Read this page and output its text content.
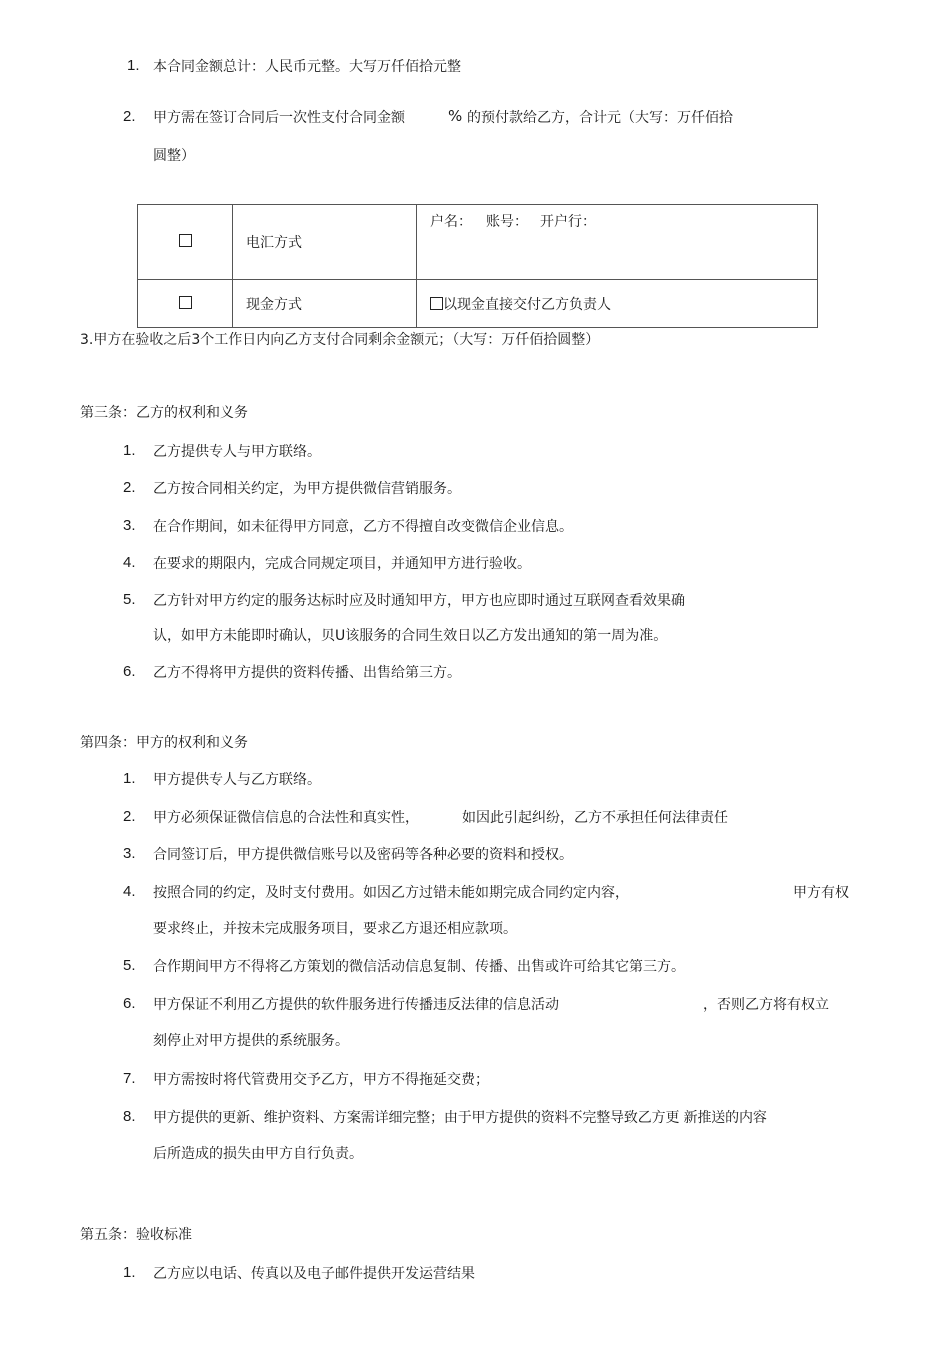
1. 本合同金额总计：人民币元整。大写万仟佰拾元整
2. 甲方需在签订合同后一次性支付合同金额	% 的预付款给乙方，合计元（大写：万仟佰拾
圆整）
	电汇方式	户名： 账号： 开户行：
	现金方式	以现金直接交付乙方负责人
3.甲方在验收之后3个工作日内向乙方支付合同剩余金额元；（大写：万仟佰拾圆整）
第三条：乙方的权利和义务
1. 乙方提供专人与甲方联络。
2. 乙方按合同相关约定，为甲方提供微信营销服务。
3. 在合作期间，如未征得甲方同意，乙方不得擅自改变微信企业信息。
4. 在要求的期限内，完成合同规定项目，并通知甲方进行验收。
5. 乙方针对甲方约定的服务达标时应及时通知甲方，甲方也应即时通过互联网查看效果确
认，如甲方未能即时确认，贝U该服务的合同生效日以乙方发出通知的第一周为准。
6. 乙方不得将甲方提供的资料传播、出售给第三方。
第四条：甲方的权利和义务
1. 甲方提供专人与乙方联络。
2. 甲方必须保证微信信息的合法性和真实性，	如因此引起纠纷，乙方不承担任何法律责任
3. 合同签订后，甲方提供微信账号以及密码等各种必要的资料和授权。
4. 按照合同的约定，及时支付费用。如因乙方过错未能如期完成合同约定内容，	甲方有权
要求终止，并按未完成服务项目，要求乙方退还相应款项。
5. 合作期间甲方不得将乙方策划的微信活动信息复制、传播、出售或许可给其它第三方。
6. 甲方保证不利用乙方提供的软件服务进行传播违反法律的信息活动	，否则乙方将有权立
刻停止对甲方提供的系统服务。
7. 甲方需按时将代管费用交予乙方，甲方不得拖延交费；
8. 甲方提供的更新、维护资料、方案需详细完整；由于甲方提供的资料不完整导致乙方更 新推送的内容
后所造成的损失由甲方自行负责。
第五条：验收标准
1. 乙方应以电话、传真以及电子邮件提供开发运营结果
